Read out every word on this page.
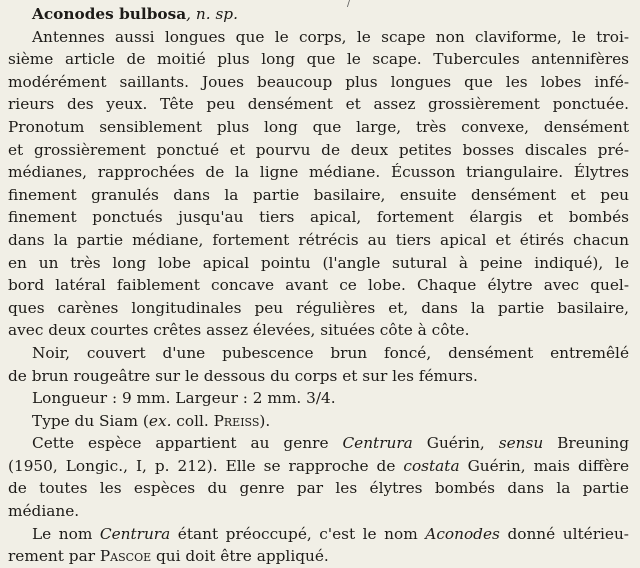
/
Aconodes bulbosa, n. sp.
Antennes aussi longues que le corps, le scape non claviforme, le troi-
sième article de moitié plus long que le scape. Tubercules antennifères
modérément saillants. Joues beaucoup plus longues que les lobes infé-
rieurs des yeux. Tête peu densément et assez grossièrement ponctuée.
Pronotum sensiblement plus long que large, très convexe, densément
et grossièrement ponctué et pourvu de deux petites bosses discales pré-
médianes, rapprochées de la ligne médiane. Écusson triangulaire. Élytres
finement granulés dans la partie basilaire, ensuite densément et peu
finement ponctués jusqu'au tiers apical, fortement élargis et bombés
dans la partie médiane, fortement rétrécis au tiers apical et étirés chacun
en un très long lobe apical pointu (l'angle sutural à peine indiqué), le
bord latéral faiblement concave avant ce lobe. Chaque élytre avec quel-
ques carènes longitudinales peu régulières et, dans la partie basilaire,
avec deux courtes crêtes assez élevées, situées côte à côte.
Noir, couvert d'une pubescence brun foncé, densément entremêlé
de brun rougeâtre sur le dessous du corps et sur les fémurs.
Longueur : 9 mm. Largeur : 2 mm. 3/4.
Type du Siam (ex. coll. Preiss).
Cette espèce appartient au genre Centrura Guérin, sensu Breuning
(1950, Longic., I, p. 212). Elle se rapproche de costata Guérin, mais diffère
de toutes les espèces du genre par les élytres bombés dans la partie
médiane.
Le nom Centrura étant préoccupé, c'est le nom Aconodes donné ultérieu-
rement par Pascoe qui doit être appliqué.
